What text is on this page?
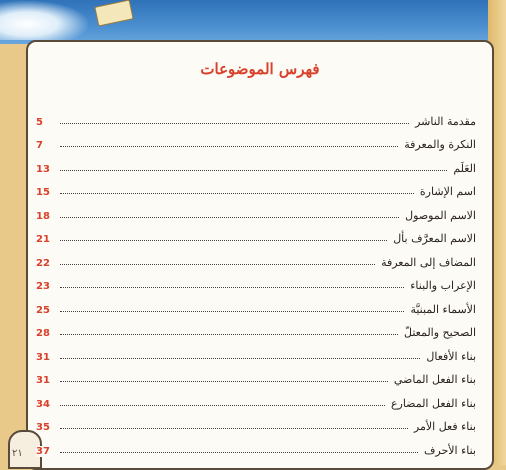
فهرس الموضوعات
مقدمة الناشر
5
النكرة والمعرفة
7
العَلَم
13
اسم الإشارة
15
الاسم الموصول
18
الاسم المعرَّف بأل
21
المضاف إلى المعرفة
22
الإعراب والبناء
23
الأسماء المبنيَّة
25
الصحيح والمعتلّ
28
بناء الأفعال
31
بناء الفعل الماضي
31
بناء الفعل المضارع
34
بناء فعل الأمر
35
بناء الأحرف
37
٢١
